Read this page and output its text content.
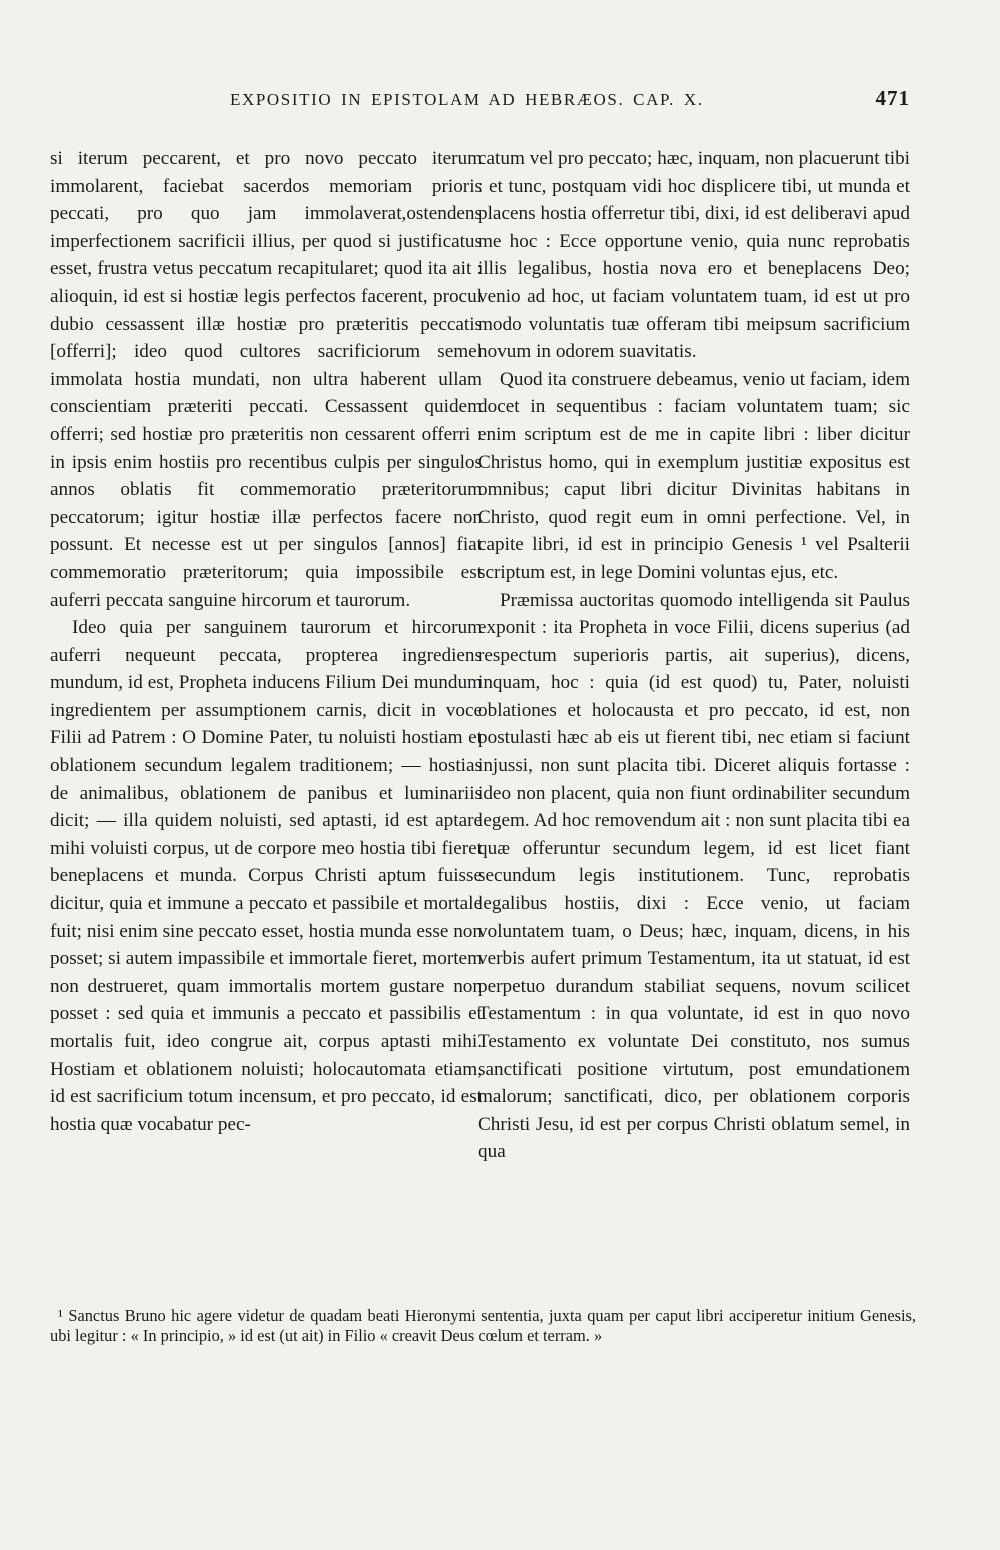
EXPOSITIO IN EPISTOLAM AD HEBRÆOS. CAP. X.	471

si iterum peccarent, et pro novo peccato iterum immolarent, faciebat sacerdos memoriam prioris peccati, pro quo jam immolaverat,ostendens imperfectionem sacrificii illius, per quod si justificatus esset, frustra vetus peccatum recapitularet; quod ita ait : alioquin, id est si hostiæ legis perfectos facerent, procul dubio cessassent illæ hostiæ pro præteritis peccatis [offerri]; ideo quod cultores sacrificiorum semel immolata hostia mundati, non ultra haberent ullam conscientiam præteriti peccati. Cessassent quidem offerri; sed hostiæ pro præteritis non cessarent offerri : in ipsis enim hostiis pro recentibus culpis per singulos annos oblatis fit commemoratio præteritorum peccatorum; igitur hostiæ illæ perfectos facere non possunt. Et necesse est ut per singulos [annos] fiat commemoratio præteritorum; quia impossibile est auferri peccata sanguine hircorum et taurorum.

Ideo quia per sanguinem taurorum et hircorum auferri nequeunt peccata, propterea ingrediens mundum, id est, Propheta inducens Filium Dei mundum ingredientem per assumptionem carnis, dicit in voce Filii ad Patrem : O Domine Pater, tu noluisti hostiam et oblationem secundum legalem traditionem; — hostias de animalibus, oblationem de panibus et luminariis dicit; — illa quidem noluisti, sed aptasti, id est aptare mihi voluisti corpus, ut de corpore meo hostia tibi fieret beneplacens et munda. Corpus Christi aptum fuisse dicitur, quia et immune a peccato et passibile et mortale fuit; nisi enim sine peccato esset, hostia munda esse non posset; si autem impassibile et immortale fieret, mortem non destrueret, quam immortalis mortem gustare non posset : sed quia et immunis a peccato et passibilis et mortalis fuit, ideo congrue ait, corpus aptasti mihi. Hostiam et oblationem noluisti; holocautomata etiam, id est sacrificium totum incensum, et pro peccato, id est hostia quæ vocabatur pec-

catum vel pro peccato; hæc, inquam, non placuerunt tibi : et tunc, postquam vidi hoc displicere tibi, ut munda et placens hostia offerretur tibi, dixi, id est deliberavi apud me hoc : Ecce opportune venio, quia nunc reprobatis illis legalibus, hostia nova ero et beneplacens Deo; venio ad hoc, ut faciam voluntatem tuam, id est ut pro modo voluntatis tuæ offeram tibi meipsum sacrificium novum in odorem suavitatis.

Quod ita construere debeamus, venio ut faciam, idem docet in sequentibus : faciam voluntatem tuam; sic enim scriptum est de me in capite libri : liber dicitur Christus homo, qui in exemplum justitiæ expositus est omnibus; caput libri dicitur Divinitas habitans in Christo, quod regit eum in omni perfectione. Vel, in capite libri, id est in principio Genesis ¹ vel Psalterii scriptum est, in lege Domini voluntas ejus, etc.

Præmissa auctoritas quomodo intelligenda sit Paulus exponit : ita Propheta in voce Filii, dicens superius (ad respectum superioris partis, ait superius), dicens, inquam, hoc : quia (id est quod) tu, Pater, noluisti oblationes et holocausta et pro peccato, id est, non postulasti hæc ab eis ut fierent tibi, nec etiam si faciunt injussi, non sunt placita tibi. Diceret aliquis fortasse : ideo non placent, quia non fiunt ordinabiliter secundum legem. Ad hoc removendum ait : non sunt placita tibi ea quæ offeruntur secundum legem, id est licet fiant secundum legis institutionem. Tunc, reprobatis legalibus hostiis, dixi : Ecce venio, ut faciam voluntatem tuam, o Deus; hæc, inquam, dicens, in his verbis aufert primum Testamentum, ita ut statuat, id est perpetuo durandum stabiliat sequens, novum scilicet Testamentum : in qua voluntate, id est in quo novo Testamento ex voluntate Dei constituto, nos sumus sanctificati positione virtutum, post emundationem malorum; sanctificati, dico, per oblationem corporis Christi Jesu, id est per corpus Christi oblatum semel, in qua

¹ Sanctus Bruno hic agere videtur de quadam beati Hieronymi sententia, juxta quam per caput libri acciperetur initium Genesis, ubi legitur : « In principio, » id est (ut ait) in Filio « creavit Deus cœlum et terram. »
